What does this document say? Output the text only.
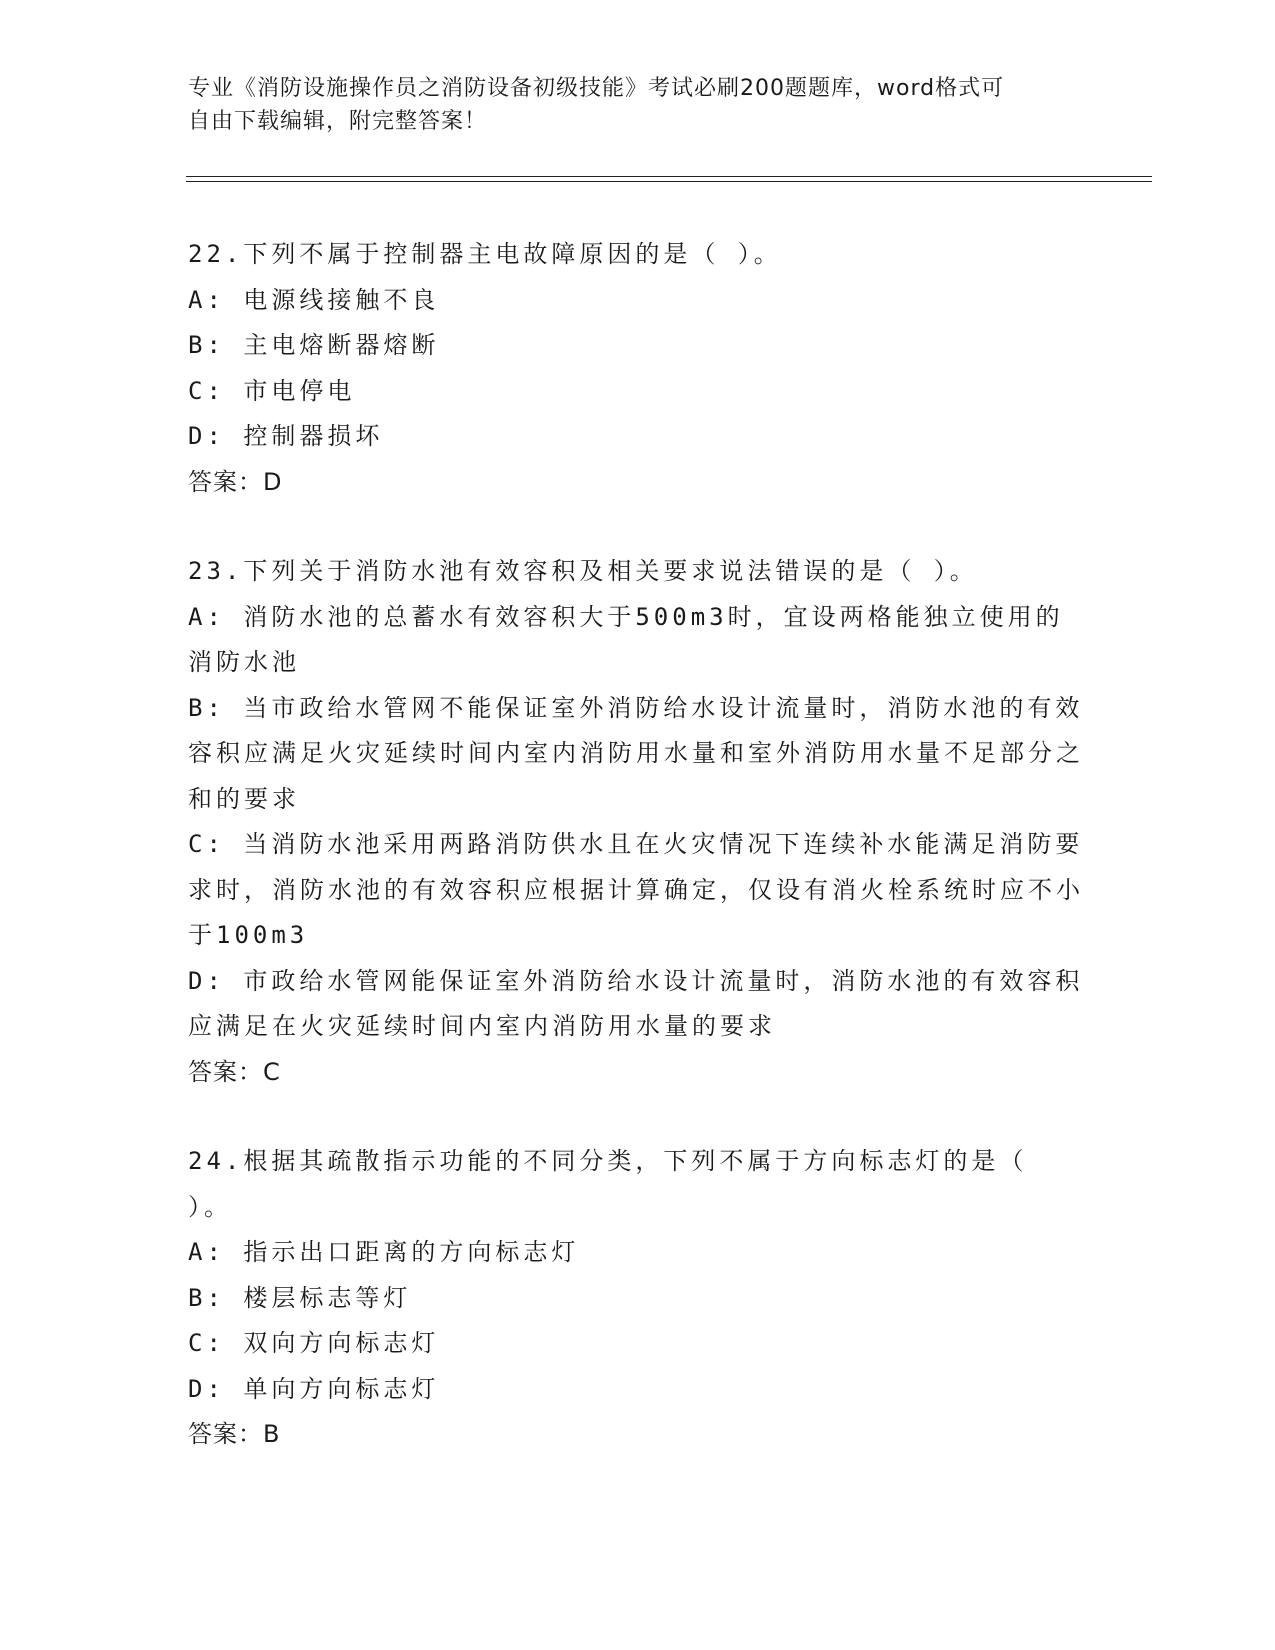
专业《消防设施操作员之消防设备初级技能》考试必刷200题题库，word格式可

自由下载编辑，附完整答案！

22.下列不属于控制器主电故障原因的是（ ）。
A: 电源线接触不良
B: 主电熔断器熔断
C: 市电停电
D: 控制器损坏
答案：D
23.下列关于消防水池有效容积及相关要求说法错误的是（ ）。
A: 消防水池的总蓄水有效容积大于500m3时，宜设两格能独立使用的消防水池
B: 当市政给水管网不能保证室外消防给水设计流量时，消防水池的有效容积应满足火灾延续时间内室内消防用水量和室外消防用水量不足部分之和的要求
C: 当消防水池采用两路消防供水且在火灾情况下连续补水能满足消防要求时，消防水池的有效容积应根据计算确定，仅设有消火栓系统时应不小于100m3
D: 市政给水管网能保证室外消防给水设计流量时，消防水池的有效容积应满足在火灾延续时间内室内消防用水量的要求
答案：C
24.根据其疏散指示功能的不同分类，下列不属于方向标志灯的是（ ）。
A: 指示出口距离的方向标志灯
B: 楼层标志等灯
C: 双向方向标志灯
D: 单向方向标志灯
答案：B
